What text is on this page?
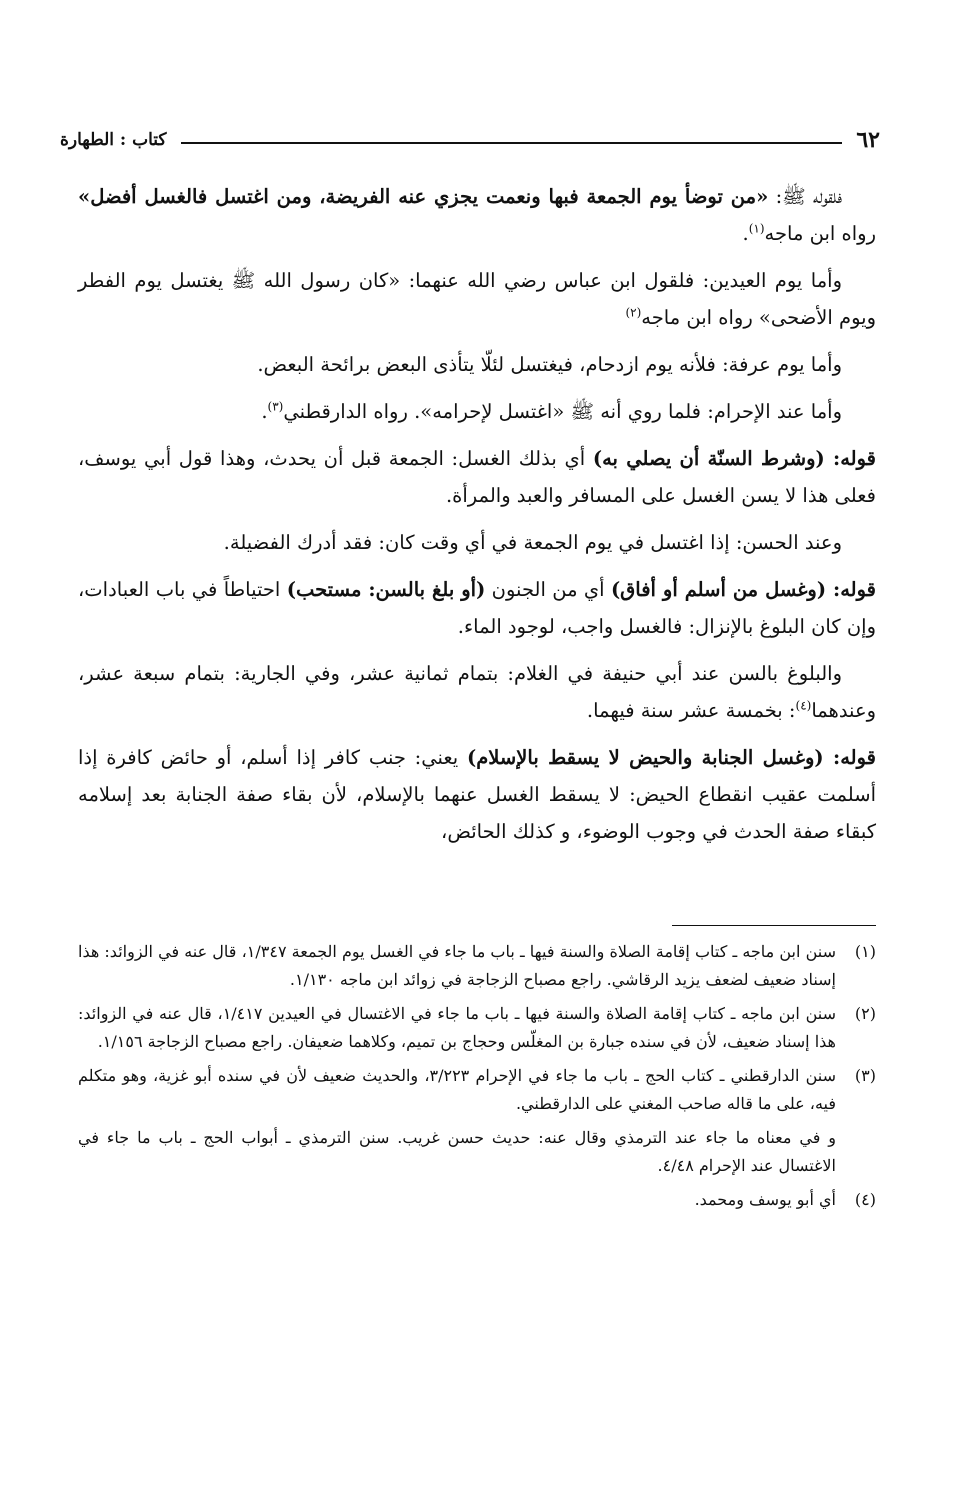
٦٢
كتاب : الطهارة

فلقوله ﷺ: «من توضأ يوم الجمعة فبها ونعمت يجزي عنه الفريضة، ومن اغتسل فالغسل أفضل» رواه ابن ماجه$^{(١)}$.

وأما يوم العيدين: فلقول ابن عباس رضي الله عنهما: «كان رسول الله ﷺ يغتسل يوم الفطر ويوم الأضحى» رواه ابن ماجه$^{(٢)}$

وأما يوم عرفة: فلأنه يوم ازدحام، فيغتسل لئلّا يتأذى البعض برائحة البعض.

وأما عند الإحرام: فلما روي أنه ﷺ «اغتسل لإحرامه». رواه الدارقطني$^{(٣)}$.

قوله: (وشرط السنّة أن يصلي به) أي بذلك الغسل: الجمعة قبل أن يحدث، وهذا قول أبي يوسف، فعلى هذا لا يسن الغسل على المسافر والعبد والمرأة.

وعند الحسن: إذا اغتسل في يوم الجمعة في أي وقت كان: فقد أدرك الفضيلة.

قوله: (وغسل من أسلم أو أفاق) أي من الجنون (أو بلغ بالسن: مستحب) احتياطاً في باب العبادات، وإن كان البلوغ بالإنزال: فالغسل واجب، لوجود الماء.

والبلوغ بالسن عند أبي حنيفة في الغلام: بتمام ثمانية عشر، وفي الجارية: بتمام سبعة عشر، وعندهما$^{(٤)}$: بخمسة عشر سنة فيهما.

قوله: (وغسل الجنابة والحيض لا يسقط بالإسلام) يعني: جنب كافر إذا أسلم، أو حائض كافرة إذا أسلمت عقيب انقطاع الحيض: لا يسقط الغسل عنهما بالإسلام، لأن بقاء صفة الجنابة بعد إسلامه كبقاء صفة الحدث في وجوب الوضوء، و كذلك الحائض،

(١)
سنن ابن ماجه ـ كتاب إقامة الصلاة والسنة فيها ـ باب ما جاء في الغسل يوم الجمعة ١/٣٤٧، قال عنه في الزوائد: هذا إسناد ضعيف لضعف يزيد الرقاشي. راجع مصباح الزجاجة في زوائد ابن ماجه ١/١٣٠.
(٢)
سنن ابن ماجه ـ كتاب إقامة الصلاة والسنة فيها ـ باب ما جاء في الاغتسال في العيدين ١/٤١٧، قال عنه في الزوائد: هذا إسناد ضعيف، لأن في سنده جبارة بن المغلّس وحجاج بن تميم، وكلاهما ضعيفان. راجع مصباح الزجاجة ١/١٥٦.
(٣)
سنن الدارقطني ـ كتاب الحج ـ باب ما جاء في الإحرام ٣/٢٢٣، والحديث ضعيف لأن في سنده أبو غزية، وهو متكلم فيه، على ما قاله صاحب المغني على الدارقطني.
و في معناه ما جاء عند الترمذي وقال عنه: حديث حسن غريب. سنن الترمذي ـ أبواب الحج ـ باب ما جاء في الاغتسال عند الإحرام ٤/٤٨.
(٤)
أي أبو يوسف ومحمد.
